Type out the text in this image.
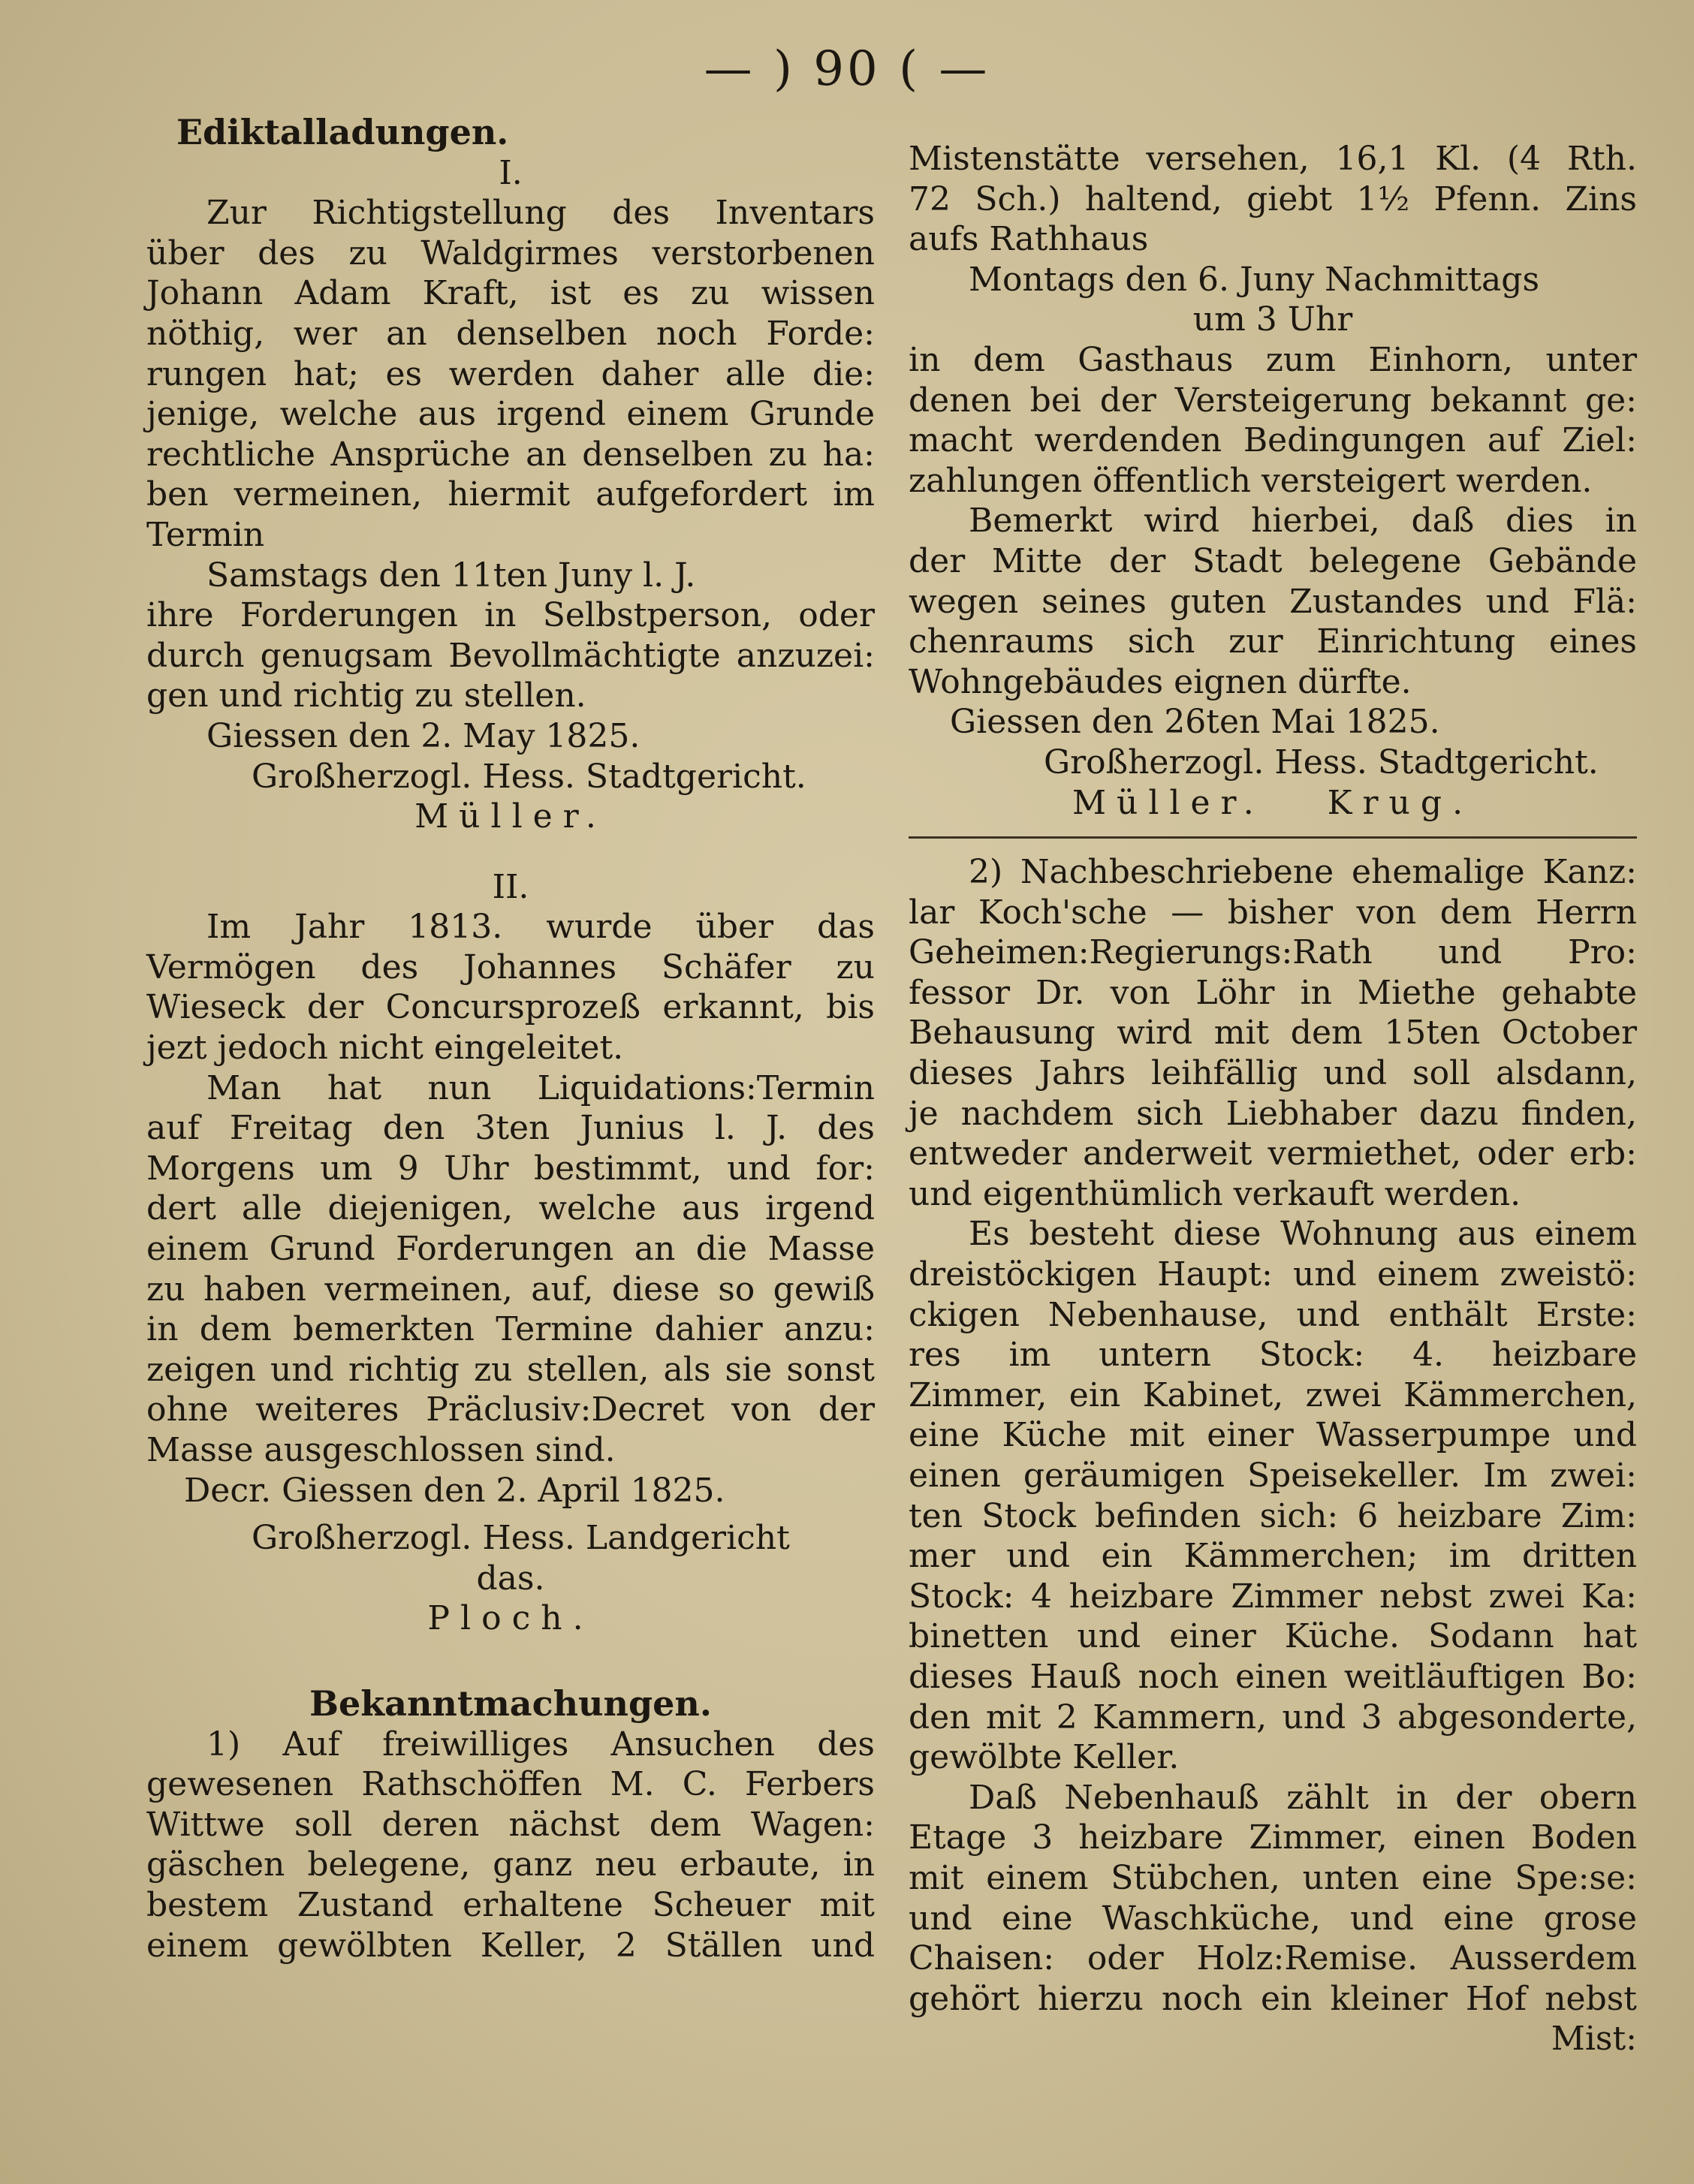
— ) 90 ( —
Ediktalladungen.
I.
Zur Richtigstellung des Inventars
über des zu Waldgirmes verstorbenen
Johann Adam Kraft, ist es zu wissen
nöthig, wer an denselben noch Forde:
rungen hat; es werden daher alle die:
jenige, welche aus irgend einem Grunde
rechtliche Ansprüche an denselben zu ha:
ben vermeinen, hiermit aufgefordert im
Termin
Samstags den 11ten Juny l. J.
ihre Forderungen in Selbstperson, oder
durch genugsam Bevollmächtigte anzuzei:
gen und richtig zu stellen.
Giessen den 2. May 1825.
Großherzogl. Hess. Stadtgericht.
Müller.
II.
Im Jahr 1813. wurde über das
Vermögen des Johannes Schäfer zu
Wieseck der Concursprozeß erkannt, bis
jezt jedoch nicht eingeleitet.
Man hat nun Liquidations:Termin
auf Freitag den 3ten Junius l. J. des
Morgens um 9 Uhr bestimmt, und for:
dert alle diejenigen, welche aus irgend
einem Grund Forderungen an die Masse
zu haben vermeinen, auf, diese so gewiß
in dem bemerkten Termine dahier anzu:
zeigen und richtig zu stellen, als sie sonst
ohne weiteres Präclusiv:Decret von der
Masse ausgeschlossen sind.
Decr. Giessen den 2. April 1825.
Großherzogl. Hess. Landgericht
das.
Ploch.
Bekanntmachungen.
1) Auf freiwilliges Ansuchen des
gewesenen Rathschöffen M. C. Ferbers
Wittwe soll deren nächst dem Wagen:
gäschen belegene, ganz neu erbaute, in
bestem Zustand erhaltene Scheuer mit
einem gewölbten Keller, 2 Ställen und
Mistenstätte versehen, 16,1 Kl. (4 Rth.
72 Sch.) haltend, giebt 1½ Pfenn. Zins
aufs Rathhaus
Montags den 6. Juny Nachmittags
um 3 Uhr
in dem Gasthaus zum Einhorn, unter
denen bei der Versteigerung bekannt ge:
macht werdenden Bedingungen auf Ziel:
zahlungen öffentlich versteigert werden.
Bemerkt wird hierbei, daß dies in
der Mitte der Stadt belegene Gebände
wegen seines guten Zustandes und Flä:
chenraums sich zur Einrichtung eines
Wohngebäudes eignen dürfte.
Giessen den 26ten Mai 1825.
Großherzogl. Hess. Stadtgericht.
Müller.   Krug.
2) Nachbeschriebene ehemalige Kanz:
lar Koch'sche — bisher von dem Herrn
Geheimen:Regierungs:Rath und Pro:
fessor Dr. von Löhr in Miethe gehabte
Behausung wird mit dem 15ten October
dieses Jahrs leihfällig und soll alsdann,
je nachdem sich Liebhaber dazu finden,
entweder anderweit vermiethet, oder erb:
und eigenthümlich verkauft werden.
Es besteht diese Wohnung aus einem
dreistöckigen Haupt: und einem zweistö:
ckigen Nebenhause, und enthält Erste:
res im untern Stock: 4. heizbare
Zimmer, ein Kabinet, zwei Kämmerchen,
eine Küche mit einer Wasserpumpe und
einen geräumigen Speisekeller. Im zwei:
ten Stock befinden sich: 6 heizbare Zim:
mer und ein Kämmerchen; im dritten
Stock: 4 heizbare Zimmer nebst zwei Ka:
binetten und einer Küche. Sodann hat
dieses Hauß noch einen weitläuftigen Bo:
den mit 2 Kammern, und 3 abgesonderte,
gewölbte Keller.
Daß Nebenhauß zählt in der obern
Etage 3 heizbare Zimmer, einen Boden
mit einem Stübchen, unten eine Spe:se:
und eine Waschküche, und eine grose
Chaisen: oder Holz:Remise. Ausserdem
gehört hierzu noch ein kleiner Hof nebst
Mist:
